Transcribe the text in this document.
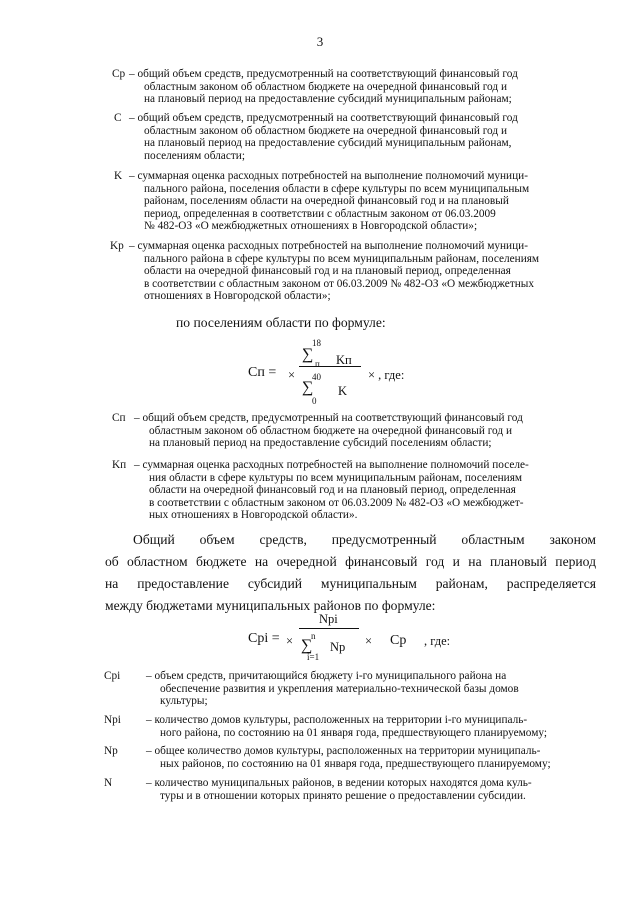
3
Cр – общий объем средств, предусмотренный на соответствующий финансовый год
областным законом об областном бюджете на очередной финансовый год и
на плановый период на предоставление субсидий муниципальным районам;
C – общий объем средств, предусмотренный на соответствующий финансовый год
областным законом об областном бюджете на очередной финансовый год и
на плановый период на предоставление субсидий муниципальным районам,
поселениям области;
K – суммарная оценка расходных потребностей на выполнение полномочий муници-
пального района, поселения области в сфере культуры по всем муниципальным
районам, поселениям области на очередной финансовый год и на плановый
период, определенная в соответствии с областным законом от 06.03.2009
№ 482-ОЗ «О межбюджетных отношениях в Новгородской области»;
Kр – суммарная оценка расходных потребностей на выполнение полномочий муници-
пального района в сфере культуры по всем муниципальным районам, поселениям
области на очередной финансовый год и на плановый период, определенная
в соответствии с областным законом от 06.03.2009 № 482-ОЗ «О межбюджетных
отношениях в Новгородской области»;
по поселениям области по формуле:
Cп = ×
18
∑
п Kп
40
∑
0
K
× , где:
Cп – общий объем средств, предусмотренный на соответствующий финансовый год
областным законом об областном бюджете на очередной финансовый год и
на плановый период на предоставление субсидий поселениям области;
Kп – суммарная оценка расходных потребностей на выполнение полномочий поселе-
ния области в сфере культуры по всем муниципальным районам, поселениям
области на очередной финансовый год и на плановый период, определенная
в соответствии с областным законом от 06.03.2009 № 482-ОЗ «О межбюджет-
ных отношениях в Новгородской области».
Общий объем средств, предусмотренный областным законом
об областном бюджете на очередной финансовый год и на плановый период
на предоставление субсидий муниципальным районам, распределяется
между бюджетами муниципальных районов по формуле:
Cpi = ×
Npi
n
∑
i=1
Np × Cр , где:
Cpi – объем средств, причитающийся бюджету i-го муниципального района на
обеспечение развития и укрепления материально-технической базы домов
культуры;
Npi – количество домов культуры, расположенных на территории i-го муниципаль-
ного района, по состоянию на 01 января года, предшествующего планируемому;
Np – общее количество домов культуры, расположенных на территории муниципаль-
ных районов, по состоянию на 01 января года, предшествующего планируемому;
N	– количество муниципальных районов, в ведении которых находятся дома куль-
туры и в отношении которых принято решение о предоставлении субсидии.
